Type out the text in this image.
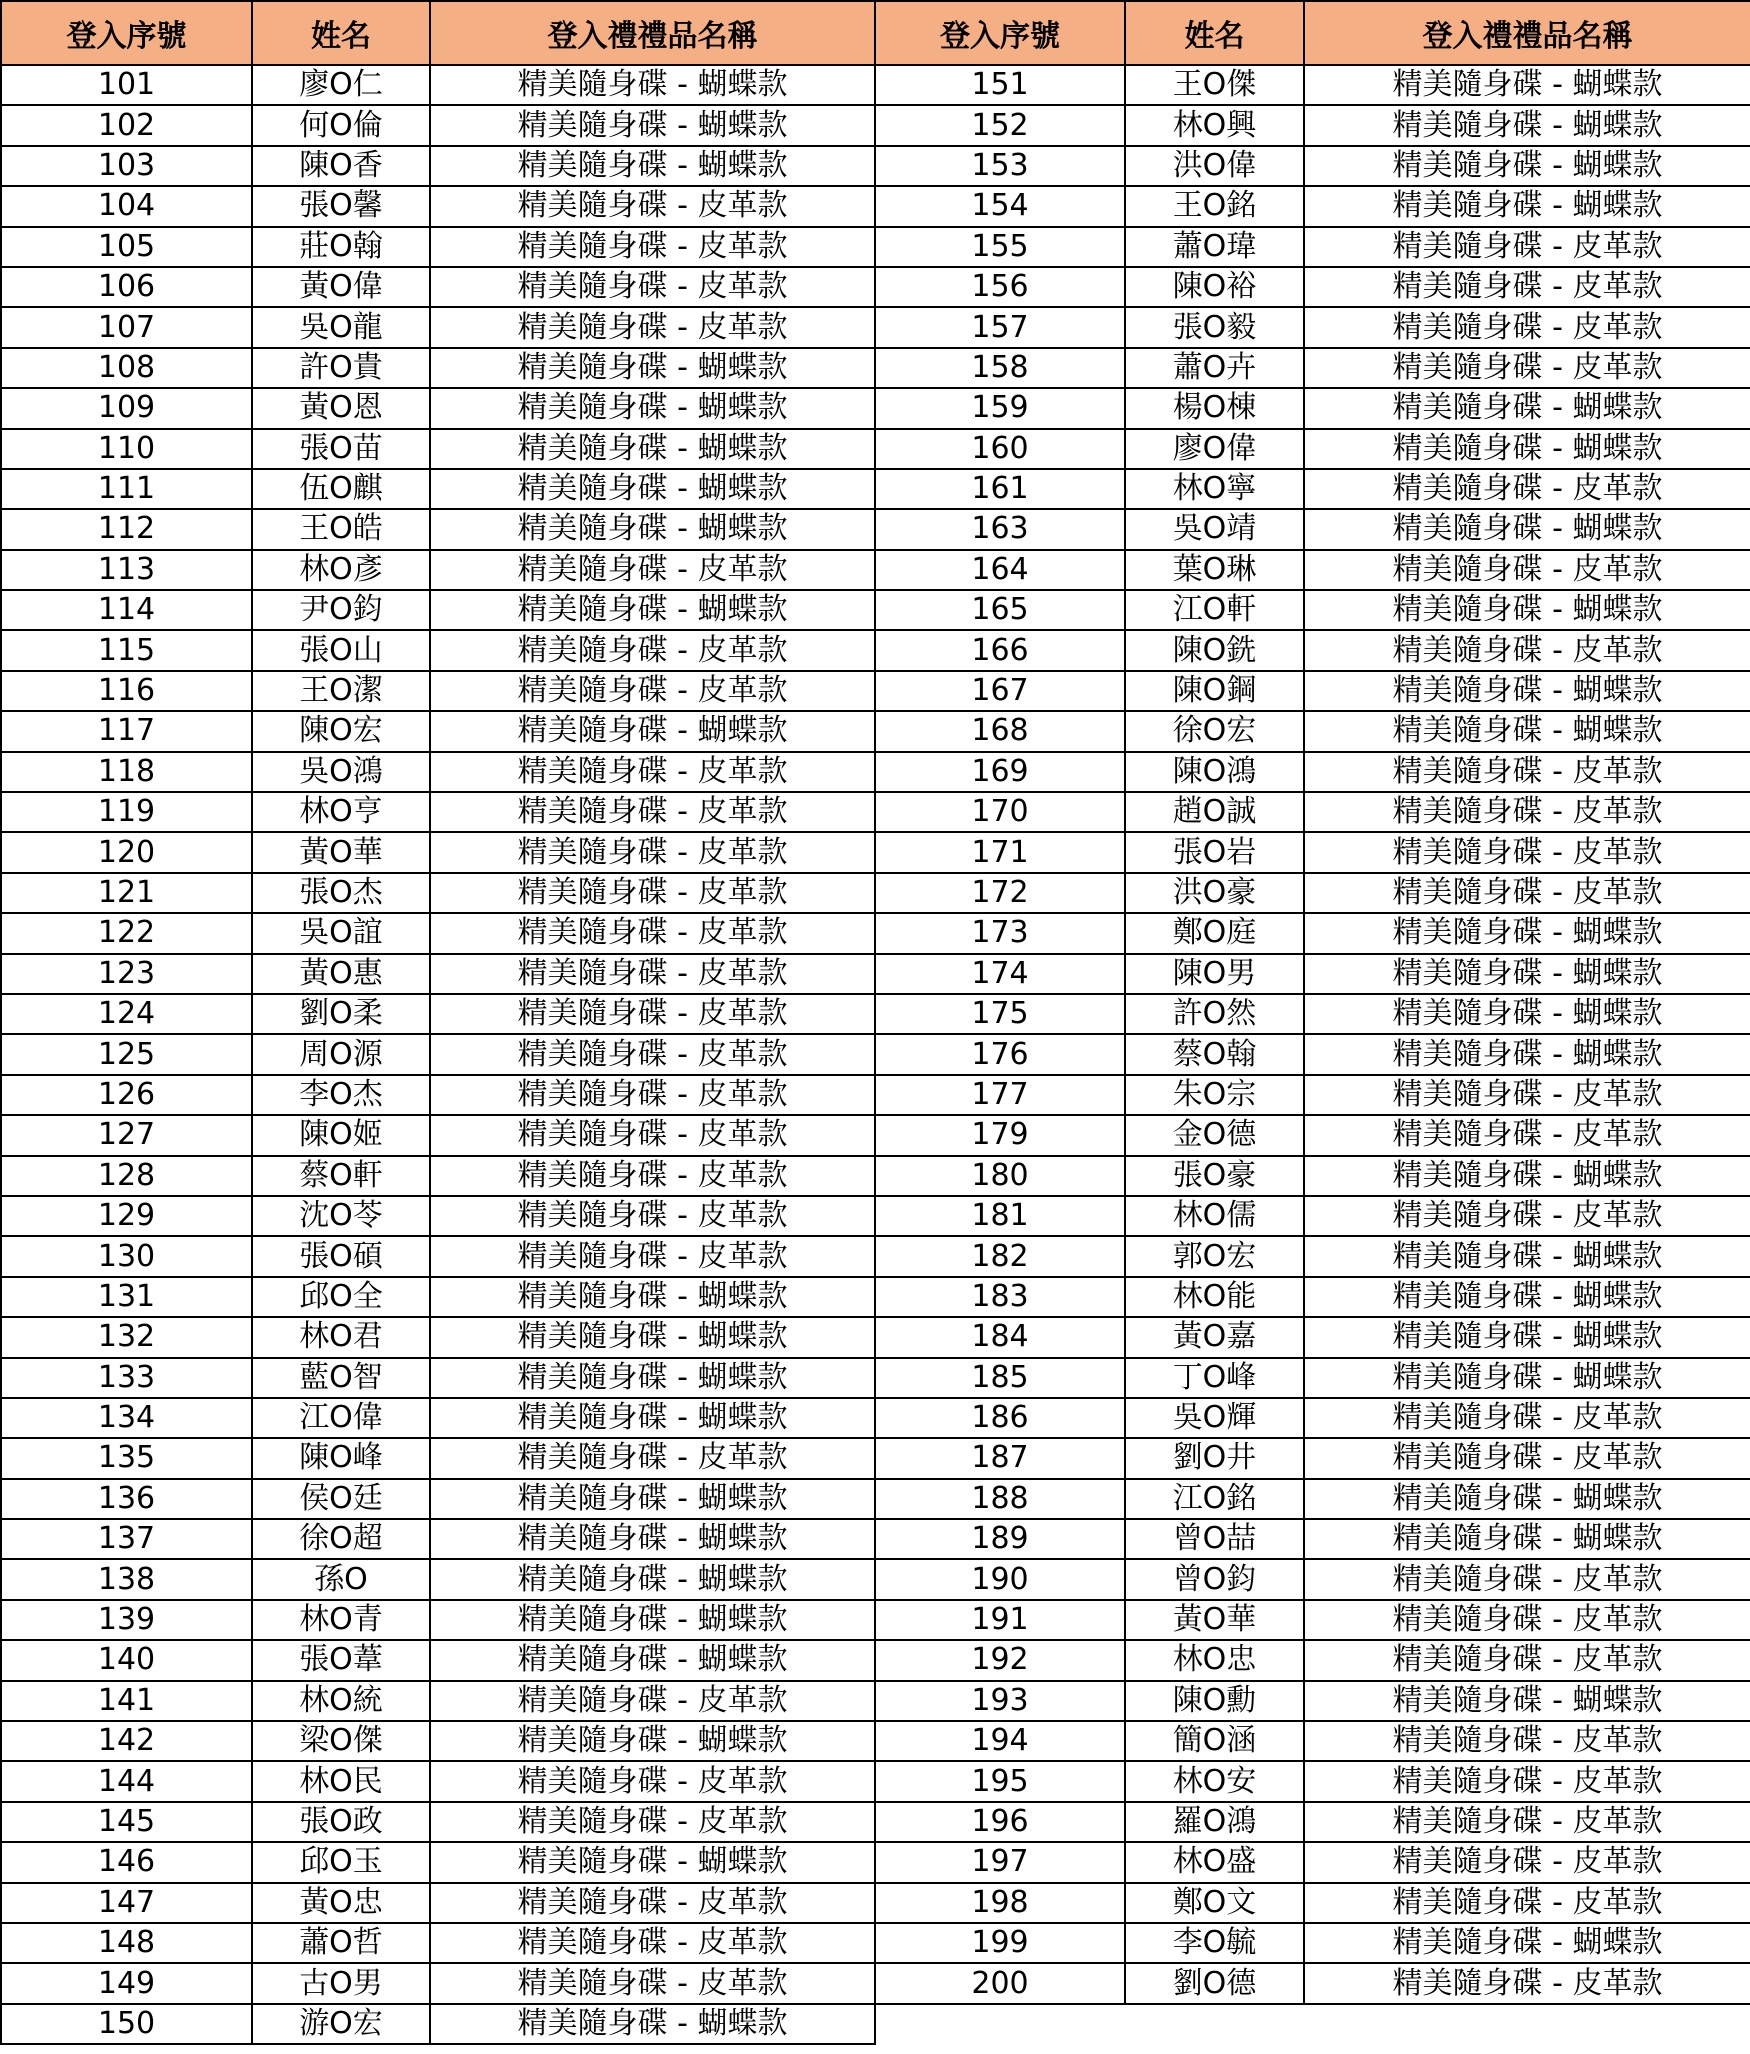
登入序號	姓名	登入禮禮品名稱	登入序號	姓名	登入禮禮品名稱
101	廖O仁	精美隨身碟 - 蝴蝶款	151	王O傑	精美隨身碟 - 蝴蝶款
102	何O倫	精美隨身碟 - 蝴蝶款	152	林O興	精美隨身碟 - 蝴蝶款
103	陳O香	精美隨身碟 - 蝴蝶款	153	洪O偉	精美隨身碟 - 蝴蝶款
104	張O馨	精美隨身碟 - 皮革款	154	王O銘	精美隨身碟 - 蝴蝶款
105	莊O翰	精美隨身碟 - 皮革款	155	蕭O瑋	精美隨身碟 - 皮革款
106	黃O偉	精美隨身碟 - 皮革款	156	陳O裕	精美隨身碟 - 皮革款
107	吳O龍	精美隨身碟 - 皮革款	157	張O毅	精美隨身碟 - 皮革款
108	許O貴	精美隨身碟 - 蝴蝶款	158	蕭O卉	精美隨身碟 - 皮革款
109	黃O恩	精美隨身碟 - 蝴蝶款	159	楊O棟	精美隨身碟 - 蝴蝶款
110	張O苗	精美隨身碟 - 蝴蝶款	160	廖O偉	精美隨身碟 - 蝴蝶款
111	伍O麒	精美隨身碟 - 蝴蝶款	161	林O寧	精美隨身碟 - 皮革款
112	王O皓	精美隨身碟 - 蝴蝶款	163	吳O靖	精美隨身碟 - 蝴蝶款
113	林O彥	精美隨身碟 - 皮革款	164	葉O琳	精美隨身碟 - 皮革款
114	尹O鈞	精美隨身碟 - 蝴蝶款	165	江O軒	精美隨身碟 - 蝴蝶款
115	張O山	精美隨身碟 - 皮革款	166	陳O銑	精美隨身碟 - 皮革款
116	王O潔	精美隨身碟 - 皮革款	167	陳O鋼	精美隨身碟 - 蝴蝶款
117	陳O宏	精美隨身碟 - 蝴蝶款	168	徐O宏	精美隨身碟 - 蝴蝶款
118	吳O鴻	精美隨身碟 - 皮革款	169	陳O鴻	精美隨身碟 - 皮革款
119	林O亨	精美隨身碟 - 皮革款	170	趙O誠	精美隨身碟 - 皮革款
120	黃O華	精美隨身碟 - 皮革款	171	張O岩	精美隨身碟 - 皮革款
121	張O杰	精美隨身碟 - 皮革款	172	洪O豪	精美隨身碟 - 皮革款
122	吳O誼	精美隨身碟 - 皮革款	173	鄭O庭	精美隨身碟 - 蝴蝶款
123	黃O惠	精美隨身碟 - 皮革款	174	陳O男	精美隨身碟 - 蝴蝶款
124	劉O柔	精美隨身碟 - 皮革款	175	許O然	精美隨身碟 - 蝴蝶款
125	周O源	精美隨身碟 - 皮革款	176	蔡O翰	精美隨身碟 - 蝴蝶款
126	李O杰	精美隨身碟 - 皮革款	177	朱O宗	精美隨身碟 - 皮革款
127	陳O姬	精美隨身碟 - 皮革款	179	金O德	精美隨身碟 - 皮革款
128	蔡O軒	精美隨身碟 - 皮革款	180	張O豪	精美隨身碟 - 蝴蝶款
129	沈O苓	精美隨身碟 - 皮革款	181	林O儒	精美隨身碟 - 皮革款
130	張O碩	精美隨身碟 - 皮革款	182	郭O宏	精美隨身碟 - 蝴蝶款
131	邱O全	精美隨身碟 - 蝴蝶款	183	林O能	精美隨身碟 - 蝴蝶款
132	林O君	精美隨身碟 - 蝴蝶款	184	黃O嘉	精美隨身碟 - 蝴蝶款
133	藍O智	精美隨身碟 - 蝴蝶款	185	丁O峰	精美隨身碟 - 蝴蝶款
134	江O偉	精美隨身碟 - 蝴蝶款	186	吳O輝	精美隨身碟 - 皮革款
135	陳O峰	精美隨身碟 - 皮革款	187	劉O井	精美隨身碟 - 皮革款
136	侯O廷	精美隨身碟 - 蝴蝶款	188	江O銘	精美隨身碟 - 蝴蝶款
137	徐O超	精美隨身碟 - 蝴蝶款	189	曾O喆	精美隨身碟 - 蝴蝶款
138	孫O	精美隨身碟 - 蝴蝶款	190	曾O鈞	精美隨身碟 - 皮革款
139	林O青	精美隨身碟 - 蝴蝶款	191	黃O華	精美隨身碟 - 皮革款
140	張O葦	精美隨身碟 - 蝴蝶款	192	林O忠	精美隨身碟 - 皮革款
141	林O統	精美隨身碟 - 皮革款	193	陳O勳	精美隨身碟 - 蝴蝶款
142	梁O傑	精美隨身碟 - 蝴蝶款	194	簡O涵	精美隨身碟 - 皮革款
144	林O民	精美隨身碟 - 皮革款	195	林O安	精美隨身碟 - 皮革款
145	張O政	精美隨身碟 - 皮革款	196	羅O鴻	精美隨身碟 - 皮革款
146	邱O玉	精美隨身碟 - 蝴蝶款	197	林O盛	精美隨身碟 - 皮革款
147	黃O忠	精美隨身碟 - 皮革款	198	鄭O文	精美隨身碟 - 皮革款
148	蕭O哲	精美隨身碟 - 皮革款	199	李O毓	精美隨身碟 - 蝴蝶款
149	古O男	精美隨身碟 - 皮革款	200	劉O德	精美隨身碟 - 皮革款
150	游O宏	精美隨身碟 - 蝴蝶款			
